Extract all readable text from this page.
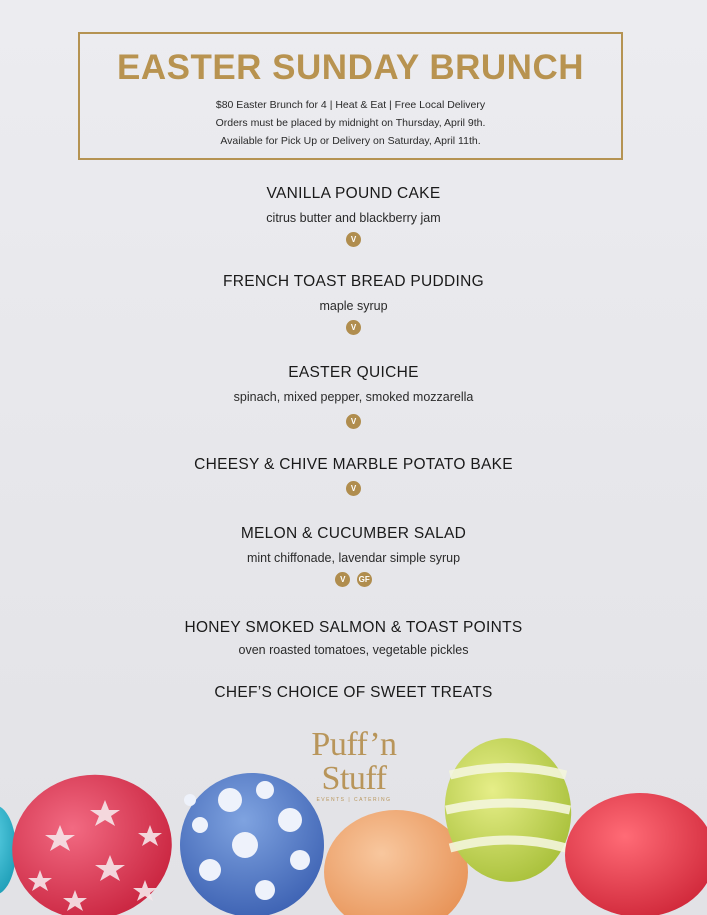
EASTER SUNDAY BRUNCH
$80 Easter Brunch for 4 | Heat & Eat | Free Local Delivery
Orders must be placed by midnight on Thursday, April 9th.
Available for Pick Up or Delivery on Saturday, April 11th.
VANILLA POUND CAKE
citrus butter and blackberry jam
V
FRENCH TOAST BREAD PUDDING
maple syrup
V
EASTER QUICHE
spinach, mixed pepper, smoked mozzarella
V
CHEESY & CHIVE MARBLE POTATO BAKE
V
MELON & CUCUMBER SALAD
mint chiffonade, lavendar simple syrup
V GF
HONEY SMOKED SALMON & TOAST POINTS
oven roasted tomatoes, vegetable pickles
CHEF’S CHOICE OF SWEET TREATS
Puff’n Stuff
EVENTS | CATERING
